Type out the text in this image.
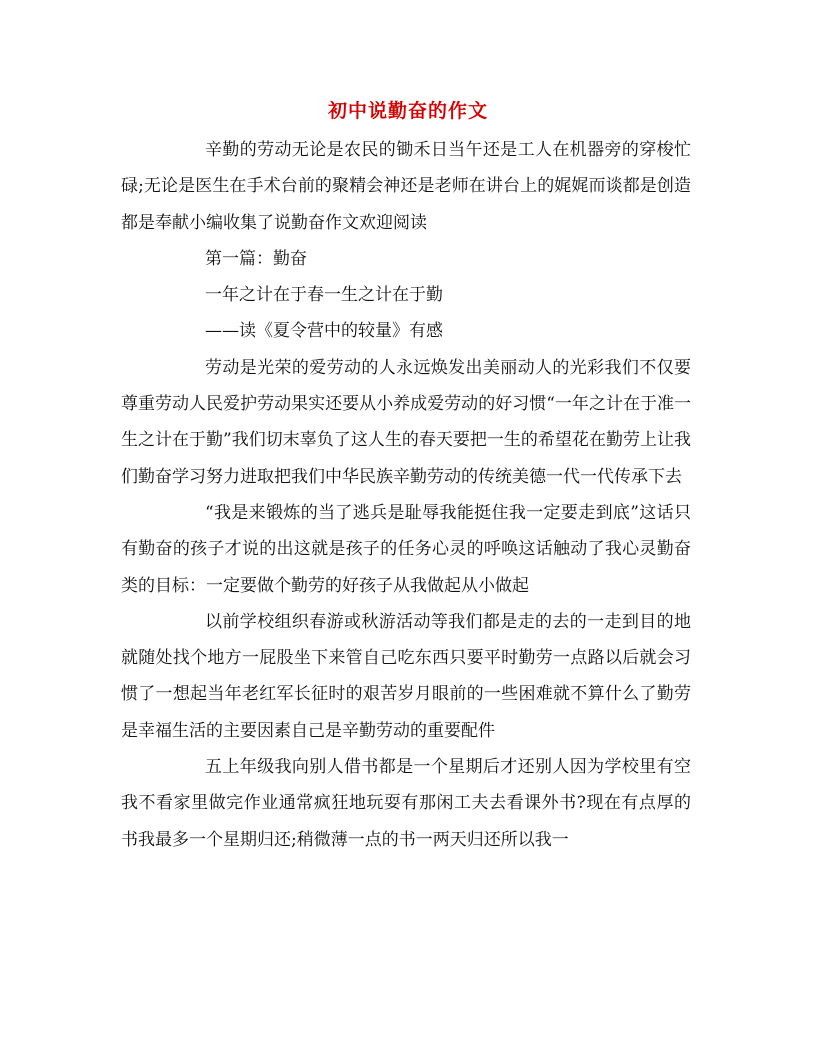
初中说勤奋的作文

辛勤的劳动无论是农民的锄禾日当午还是工人在机器旁的穿梭忙碌;无论是医生在手术台前的聚精会神还是老师在讲台上的娓娓而谈都是创造都是奉献小编收集了说勤奋作文欢迎阅读

第一篇：勤奋

一年之计在于春一生之计在于勤

——读《夏令营中的较量》有感

劳动是光荣的爱劳动的人永远焕发出美丽动人的光彩我们不仅要尊重劳动人民爱护劳动果实还要从小养成爱劳动的好习惯“一年之计在于准一生之计在于勤”我们切末辜负了这人生的春天要把一生的希望花在勤劳上让我们勤奋学习努力进取把我们中华民族辛勤劳动的传统美德一代一代传承下去

“我是来锻炼的当了逃兵是耻辱我能挺住我一定要走到底”这话只有勤奋的孩子才说的出这就是孩子的任务心灵的呼唤这话触动了我心灵勤奋类的目标：一定要做个勤劳的好孩子从我做起从小做起

以前学校组织春游或秋游活动等我们都是走的去的一走到目的地就随处找个地方一屁股坐下来管自己吃东西只要平时勤劳一点路以后就会习惯了一想起当年老红军长征时的艰苦岁月眼前的一些困难就不算什么了勤劳是幸福生活的主要因素自己是辛勤劳动的重要配件

五上年级我向别人借书都是一个星期后才还别人因为学校里有空我不看家里做完作业通常疯狂地玩耍有那闲工夫去看课外书?现在有点厚的书我最多一个星期归还;稍微薄一点的书一两天归还所以我一
